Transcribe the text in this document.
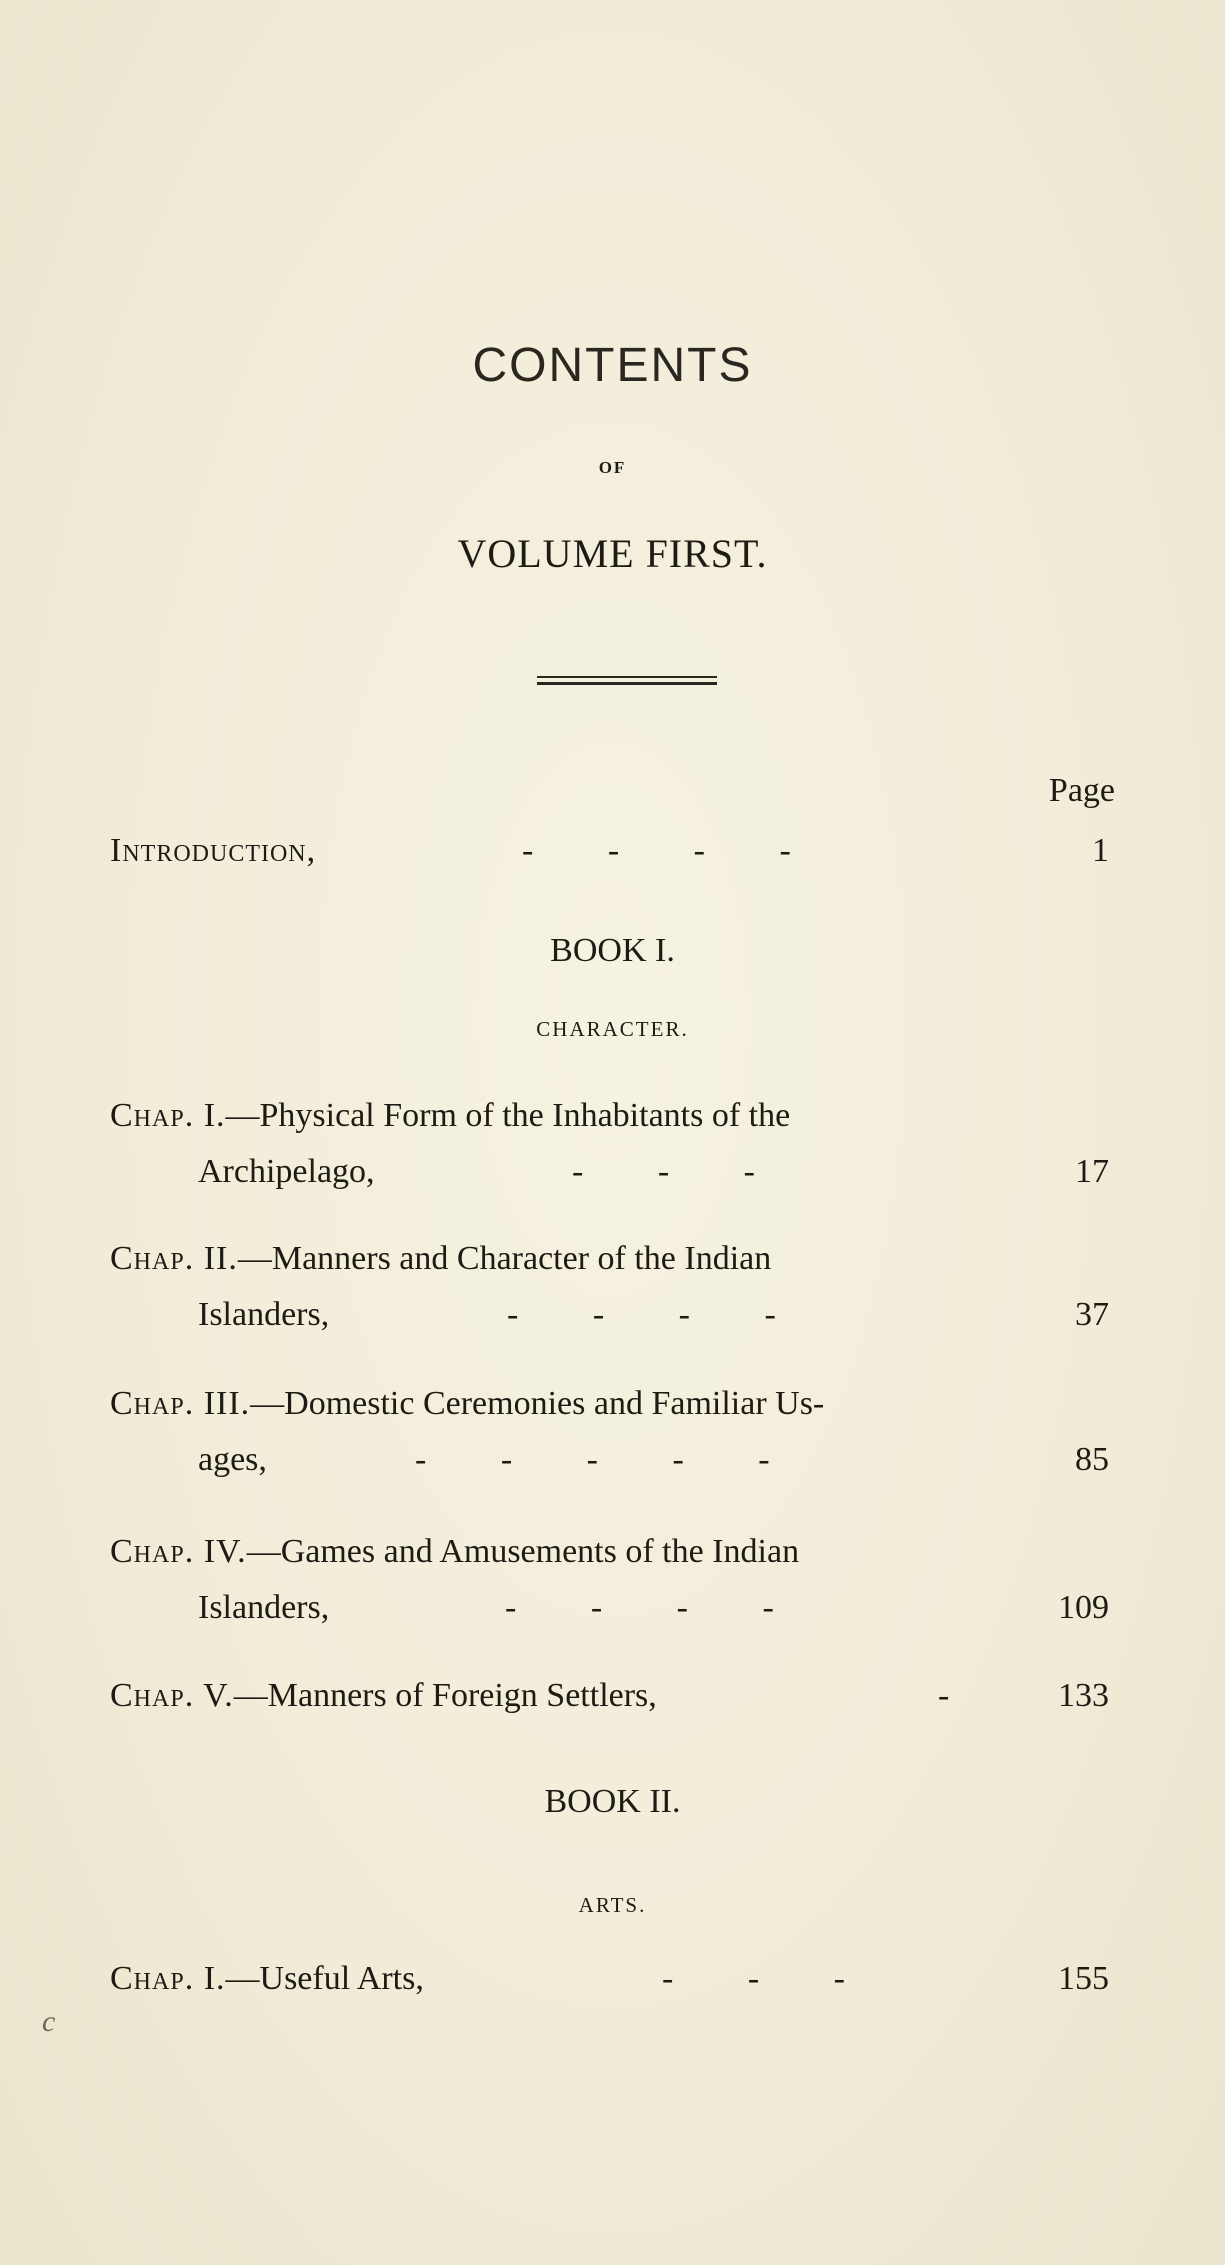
CONTENTS
OF
VOLUME FIRST.
Page
Introduction,	- - - -	1
BOOK I.
CHARACTER.
Chap. I.—Physical Form of the Inhabitants of the
Archipelago,	- - -	17
Chap. II.—Manners and Character of the Indian
Islanders,	- - - -	37
Chap. III.—Domestic Ceremonies and Familiar Us-
ages,	- - - - -	85
Chap. IV.—Games and Amusements of the Indian
Islanders,	- - - -	109
Chap. V.—Manners of Foreign Settlers,	-	133
BOOK II.
ARTS.
Chap. I.—Useful Arts,	- - -	155
c
